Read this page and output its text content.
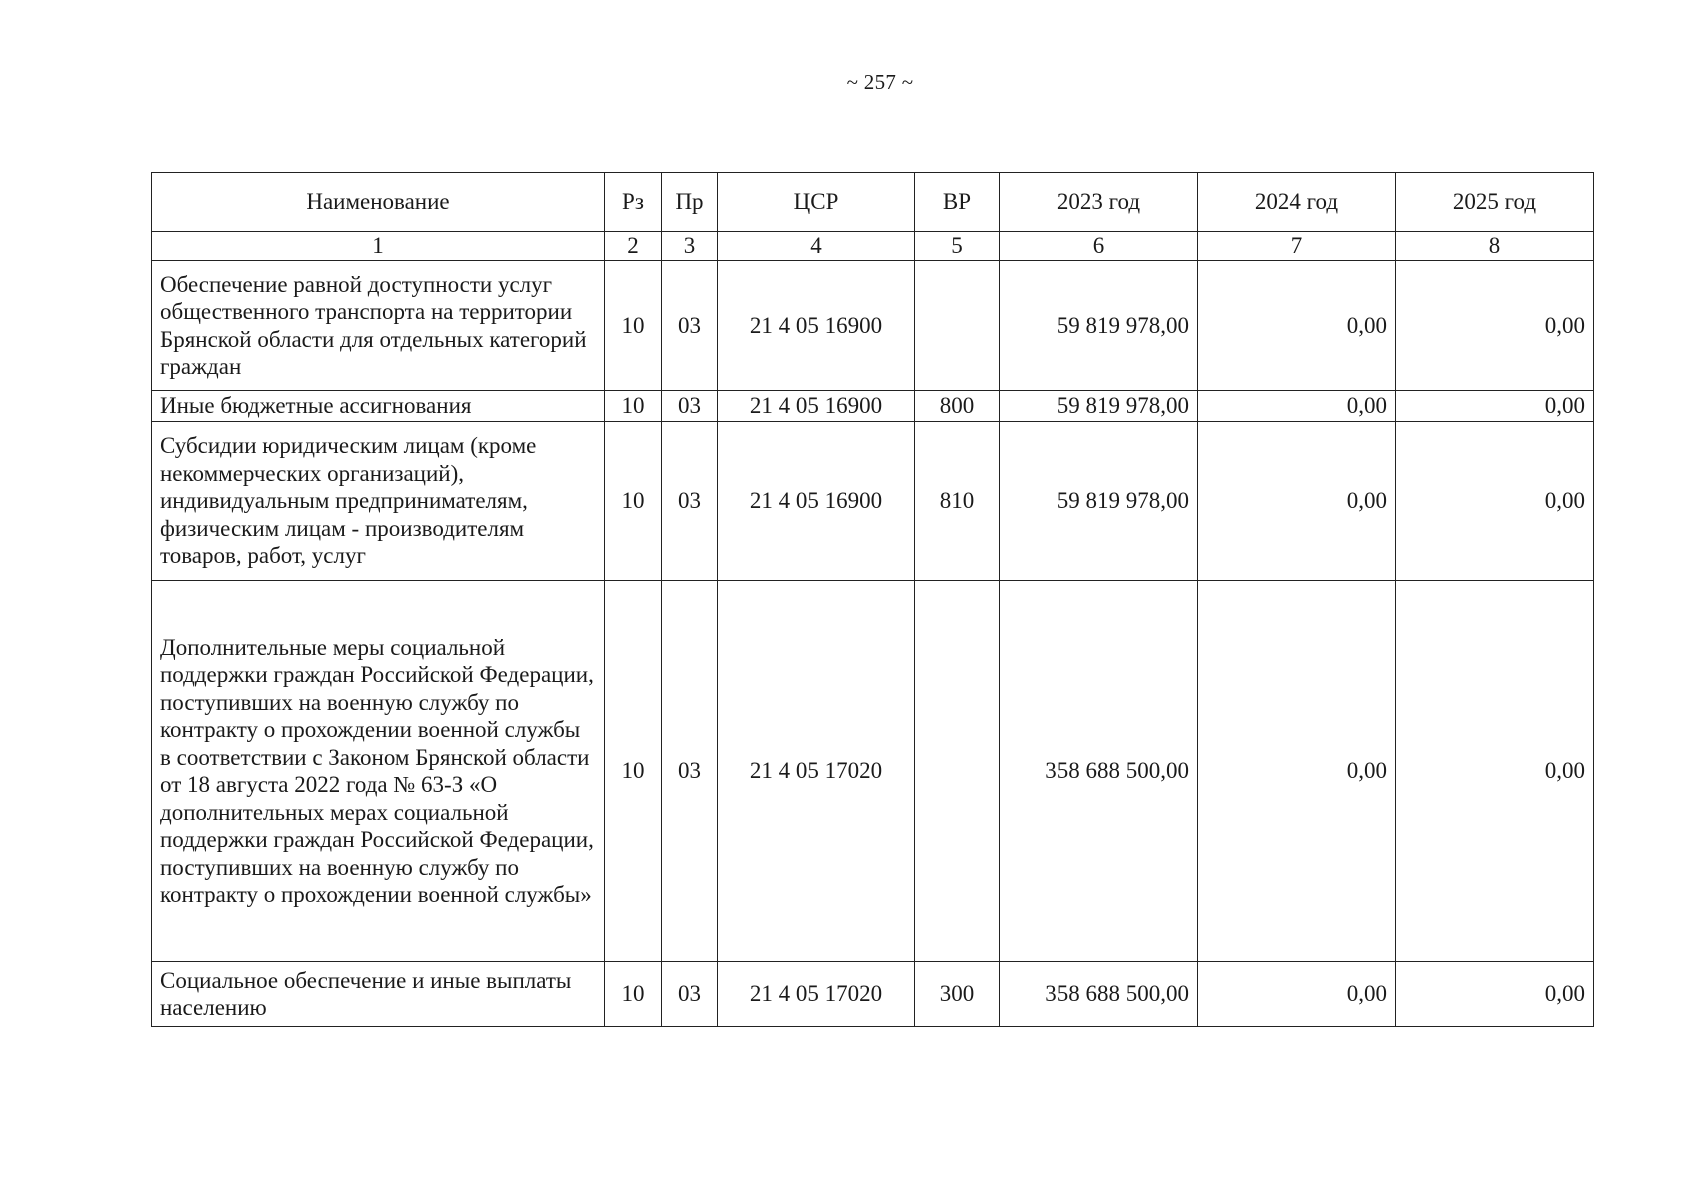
~ 257 ~
Наименование	Рз	Пр	ЦСР	ВР	2023 год	2024 год	2025 год
1	2	3	4	5	6	7	8
Обеспечение равной доступности услуг общественного транспорта на территории Брянской области для отдельных категорий граждан	10	03	21 4 05 16900		59 819 978,00	0,00	0,00
Иные бюджетные ассигнования	10	03	21 4 05 16900	800	59 819 978,00	0,00	0,00
Субсидии юридическим лицам (кроме некоммерческих организаций), индивидуальным предпринимателям, физическим лицам - производителям товаров, работ, услуг	10	03	21 4 05 16900	810	59 819 978,00	0,00	0,00
Дополнительные меры социальной поддержки граждан Российской Федерации, поступивших на военную службу по контракту о прохождении военной службы в соответствии с Законом Брянской области от 18 августа 2022 года № 63-З «О дополнительных мерах социальной поддержки граждан Российской Федерации, поступивших на военную службу по контракту о прохождении военной службы»	10	03	21 4 05 17020		358 688 500,00	0,00	0,00
Социальное обеспечение и иные выплаты населению	10	03	21 4 05 17020	300	358 688 500,00	0,00	0,00
